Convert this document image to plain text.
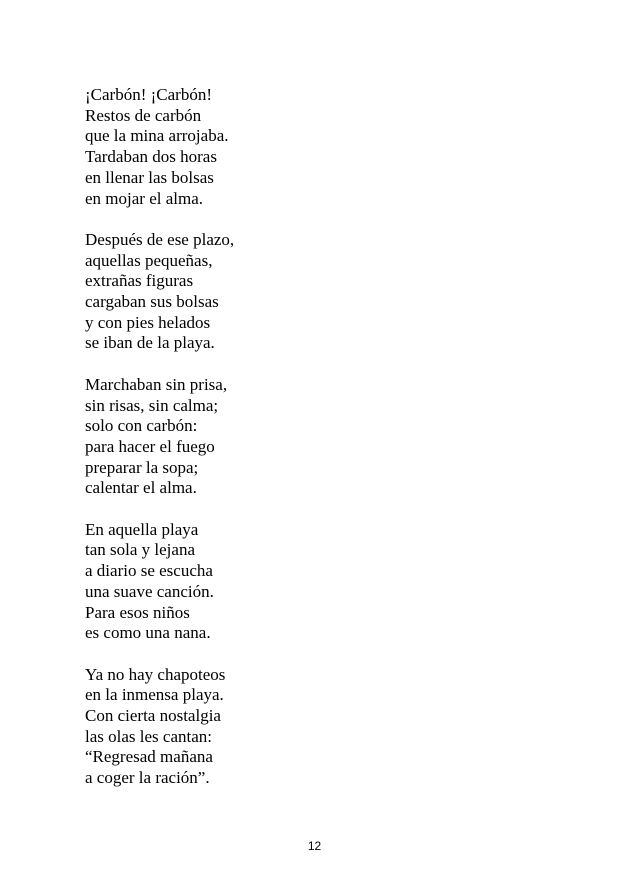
¡Carbón! ¡Carbón!
Restos de carbón
que la mina arrojaba.
Tardaban dos horas
en llenar las bolsas
en mojar el alma.
Después de ese plazo,
aquellas pequeñas,
extrañas figuras
cargaban sus bolsas
y con pies helados
se iban de la playa.
Marchaban sin prisa,
sin risas, sin calma;
solo con carbón:
para hacer el fuego
preparar la sopa;
calentar el alma.
En aquella playa
tan sola y lejana
a diario se escucha
una suave canción.
Para esos niños
es como una nana.
Ya no hay chapoteos
en la inmensa playa.
Con cierta nostalgia
las olas les cantan:
“Regresad mañana
a coger la ración”.
12
